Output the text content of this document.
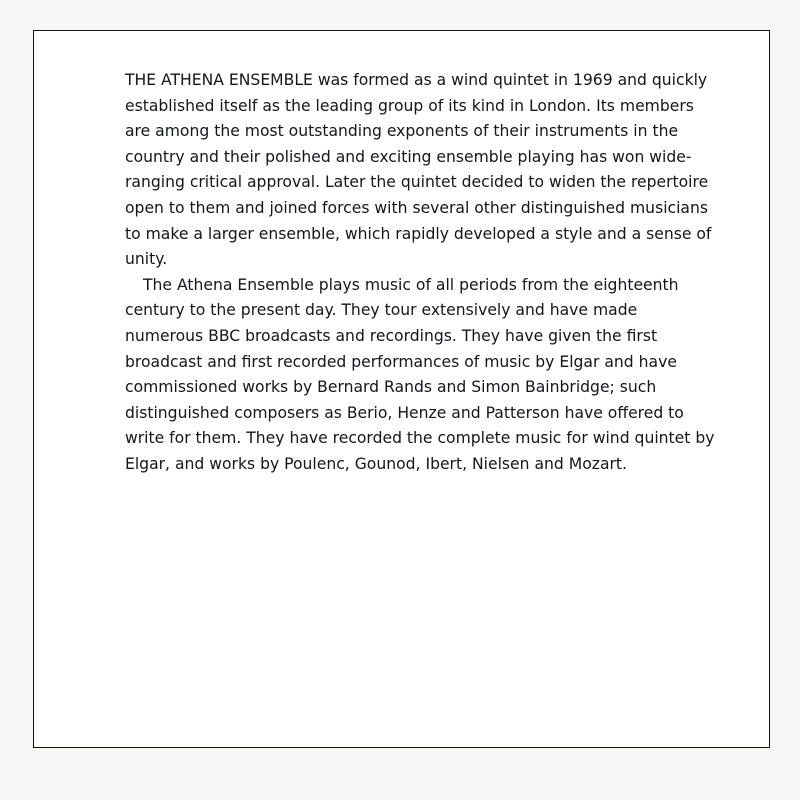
THE ATHENA ENSEMBLE was formed as a wind quintet in 1969 and quickly established itself as the leading group of its kind in London. Its members are among the most outstanding exponents of their instruments in the country and their polished and exciting ensemble playing has won wide-ranging critical approval. Later the quintet decided to widen the repertoire open to them and joined forces with several other distinguished musicians to make a larger ensemble, which rapidly developed a style and a sense of unity.

The Athena Ensemble plays music of all periods from the eighteenth century to the present day. They tour extensively and have made numerous BBC broadcasts and recordings. They have given the first broadcast and first recorded performances of music by Elgar and have commissioned works by Bernard Rands and Simon Bainbridge; such distinguished composers as Berio, Henze and Patterson have offered to write for them. They have recorded the complete music for wind quintet by Elgar, and works by Poulenc, Gounod, Ibert, Nielsen and Mozart.
